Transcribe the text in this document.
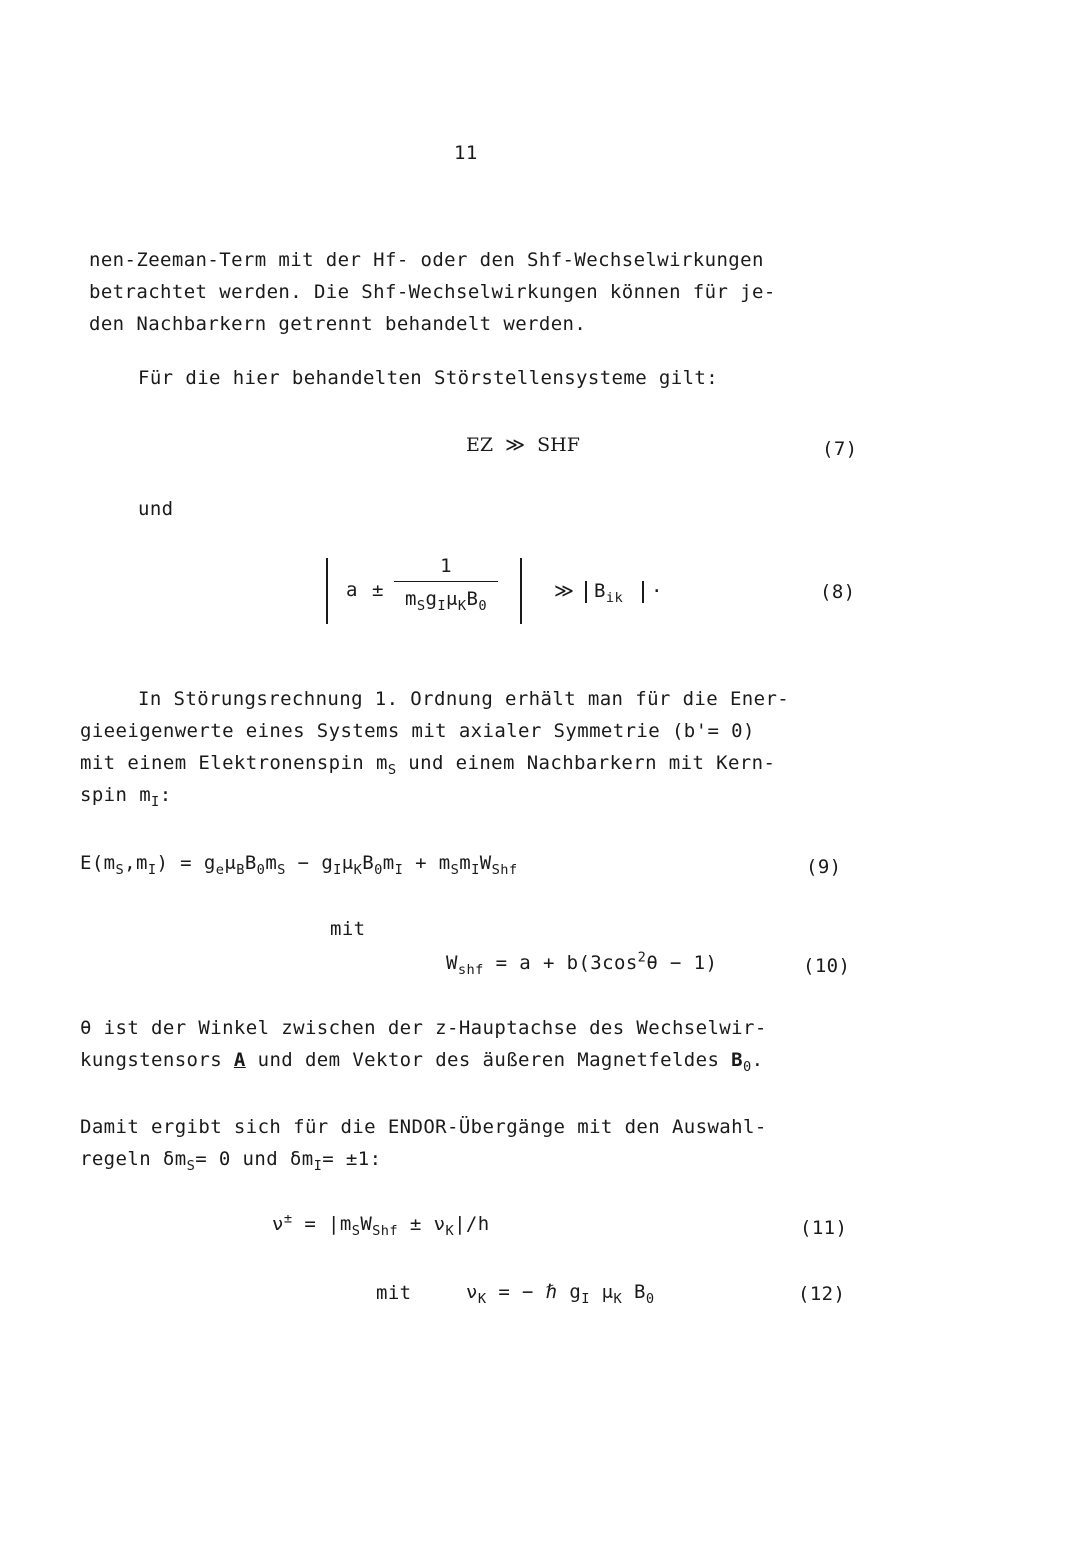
11
nen-Zeeman-Term mit der Hf- oder den Shf-Wechselwirkungen
betrachtet werden. Die Shf-Wechselwirkungen können für je-
den Nachbarkern getrennt behandelt werden.
Für die hier behandelten Störstellensysteme gilt:
EZ ≫ SHF	(7)
und
$a \pm \frac{1}{m_Sg_I\mu_KB_0}$	≫ $B_{ik}$ ·	(8)
In Störungsrechnung 1. Ordnung erhält man für die Ener-
gieeigenwerte eines Systems mit axialer Symmetrie (b'= 0)
mit einem Elektronenspin $m_S$ und einem Nachbarkern mit Kern-
spin $m_I$:
$E(m_S,m_I) = g_e\mu_BB_0m_S - g_I\mu_KB_0m_I + m_Sm_IW_{Shf}$	(9)
mit
$W_{shf} = a + b(3\cos^2\theta - 1)$	(10)
θ ist der Winkel zwischen der z-Hauptachse des Wechselwir-
kungstensors A und dem Vektor des äußeren Magnetfeldes $B_0$.
Damit ergibt sich für die ENDOR-Übergänge mit den Auswahl-
regeln $\delta m_S= 0$ und $\delta m_I= \pm 1$:
$\nu^\pm = |m_SW_{Shf} \pm \nu_K|/h$	(11)
mit	$\nu_K$ = − ℏ $g_I$ $\mu_K$ $B_0$	(12)
